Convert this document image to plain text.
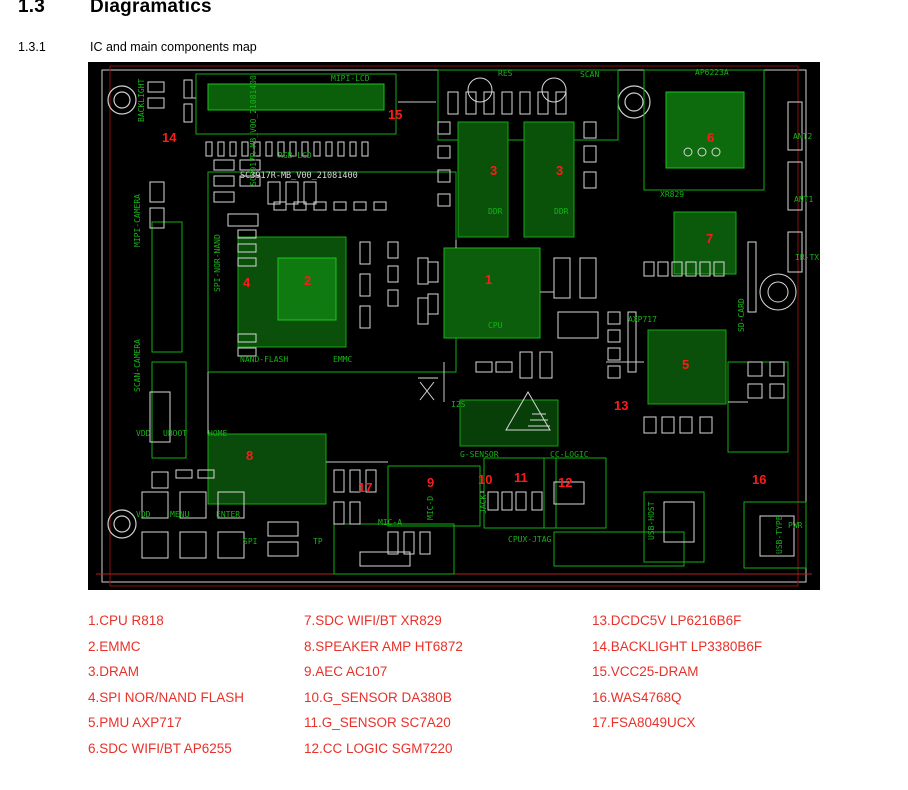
1.3 Diagramatics
1.3.1	IC and main components map
MIPI-LCD
RES	SCAN	AP6223A
RGB-LCD
XR829
DDR	DDR
CPU
AXP717
NAND-FLASH	EMMC
I2S
G-SENSOR	CC-LOGIC
CPUX-JTAG
MIC-A
SPI	TP
ANT2
ANT1
IR-TX
PWR
VDD UBOOT	HOME
VDD MENU	ENTER
SC3917R-MB_V00_21081400
BACKLIGHT
MIPI-CAMERA
SCAN-CAMERA
SPI-NOR-NAND
MIC-D	JACK	USB-HOST	USB-TYPE
SD-CARD
SC3917R-MB_V00_21081400
1
2
3	3
4
5
6
7
8
9	10 11 12
13
14
15
16
17
1.CPU R818
2.EMMC
3.DRAM
4.SPI NOR/NAND FLASH
5.PMU AXP717
6.SDC WIFI/BT AP6255
7.SDC WIFI/BT XR829
8.SPEAKER AMP HT6872
9.AEC AC107
10.G_SENSOR DA380B
11.G_SENSOR SC7A20
12.CC LOGIC SGM7220
13.DCDC5V LP6216B6F
14.BACKLIGHT LP3380B6F
15.VCC25-DRAM
16.WAS4768Q
17.FSA8049UCX
